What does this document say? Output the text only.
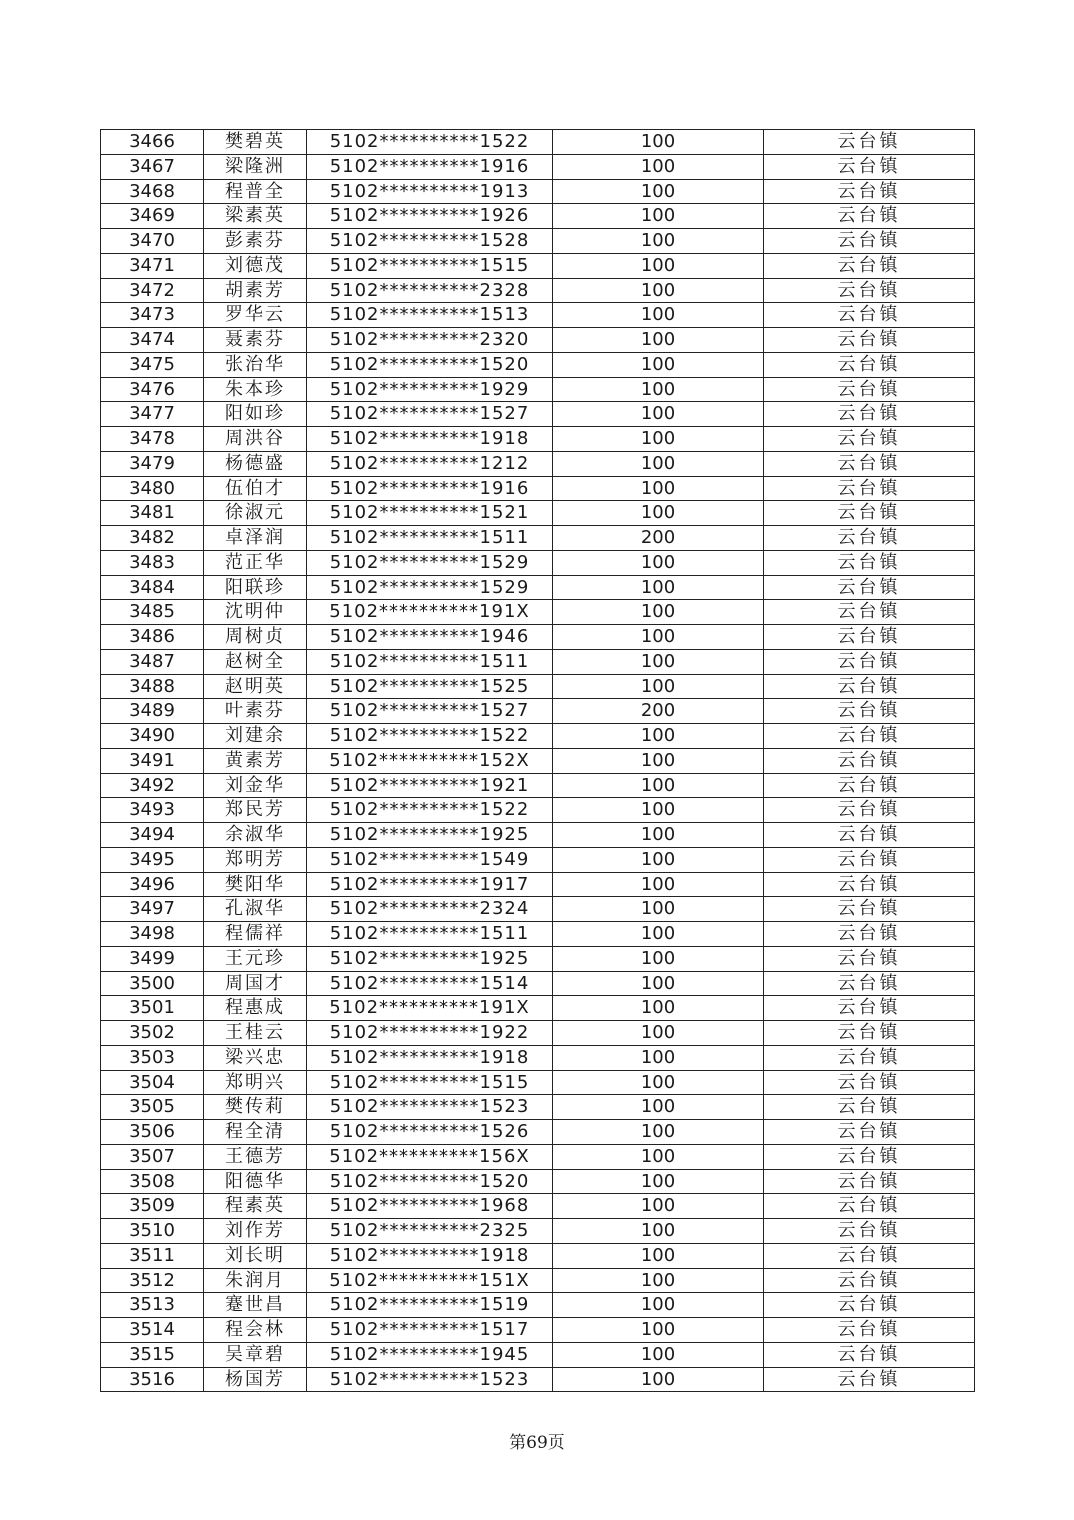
3466	樊碧英	5102**********1522	100	云台镇
3467	梁隆洲	5102**********1916	100	云台镇
3468	程普全	5102**********1913	100	云台镇
3469	梁素英	5102**********1926	100	云台镇
3470	彭素芬	5102**********1528	100	云台镇
3471	刘德茂	5102**********1515	100	云台镇
3472	胡素芳	5102**********2328	100	云台镇
3473	罗华云	5102**********1513	100	云台镇
3474	聂素芬	5102**********2320	100	云台镇
3475	张治华	5102**********1520	100	云台镇
3476	朱本珍	5102**********1929	100	云台镇
3477	阳如珍	5102**********1527	100	云台镇
3478	周洪谷	5102**********1918	100	云台镇
3479	杨德盛	5102**********1212	100	云台镇
3480	伍伯才	5102**********1916	100	云台镇
3481	徐淑元	5102**********1521	100	云台镇
3482	卓泽润	5102**********1511	200	云台镇
3483	范正华	5102**********1529	100	云台镇
3484	阳联珍	5102**********1529	100	云台镇
3485	沈明仲	5102**********191X	100	云台镇
3486	周树贞	5102**********1946	100	云台镇
3487	赵树全	5102**********1511	100	云台镇
3488	赵明英	5102**********1525	100	云台镇
3489	叶素芬	5102**********1527	200	云台镇
3490	刘建余	5102**********1522	100	云台镇
3491	黄素芳	5102**********152X	100	云台镇
3492	刘金华	5102**********1921	100	云台镇
3493	郑民芳	5102**********1522	100	云台镇
3494	余淑华	5102**********1925	100	云台镇
3495	郑明芳	5102**********1549	100	云台镇
3496	樊阳华	5102**********1917	100	云台镇
3497	孔淑华	5102**********2324	100	云台镇
3498	程儒祥	5102**********1511	100	云台镇
3499	王元珍	5102**********1925	100	云台镇
3500	周国才	5102**********1514	100	云台镇
3501	程惠成	5102**********191X	100	云台镇
3502	王桂云	5102**********1922	100	云台镇
3503	梁兴忠	5102**********1918	100	云台镇
3504	郑明兴	5102**********1515	100	云台镇
3505	樊传莉	5102**********1523	100	云台镇
3506	程全清	5102**********1526	100	云台镇
3507	王德芳	5102**********156X	100	云台镇
3508	阳德华	5102**********1520	100	云台镇
3509	程素英	5102**********1968	100	云台镇
3510	刘作芳	5102**********2325	100	云台镇
3511	刘长明	5102**********1918	100	云台镇
3512	朱润月	5102**********151X	100	云台镇
3513	蹇世昌	5102**********1519	100	云台镇
3514	程会林	5102**********1517	100	云台镇
3515	吴章碧	5102**********1945	100	云台镇
3516	杨国芳	5102**********1523	100	云台镇
第69页
